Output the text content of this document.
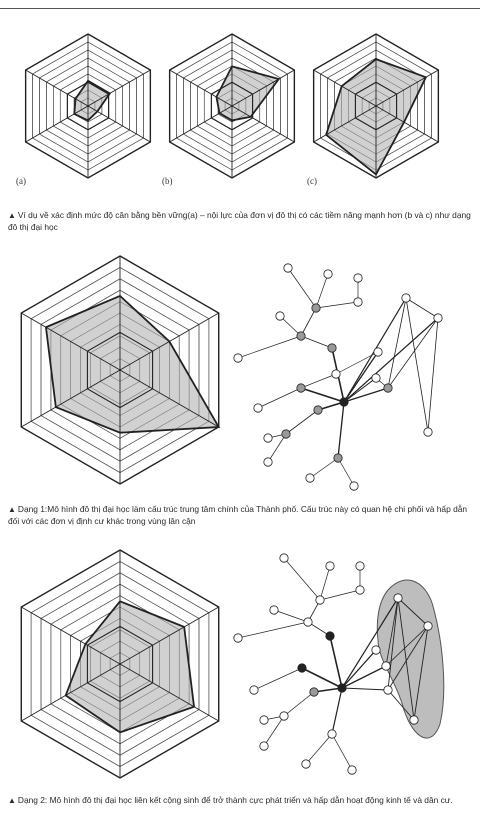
(a)	(b)	(c)
▲ Ví dụ về xác định mức độ cân bằng bền vững(a) – nội lực của đơn vị đô thị có các tiềm năng mạnh hơn (b và c) như dạng đô thị đại học
▲ Dạng 1:Mô hình đô thị đại học làm cấu trúc trung tâm chính của Thành phố. Cấu trúc này có quan hệ chi phối và hấp dẫn đối với các đơn vị định cư khác trong vùng lân cận
▲ Dạng 2: Mô hình đô thị đại học liên kết cộng sinh để trở thành cực phát triển và hấp dẫn hoạt động kinh tế và dân cư.
